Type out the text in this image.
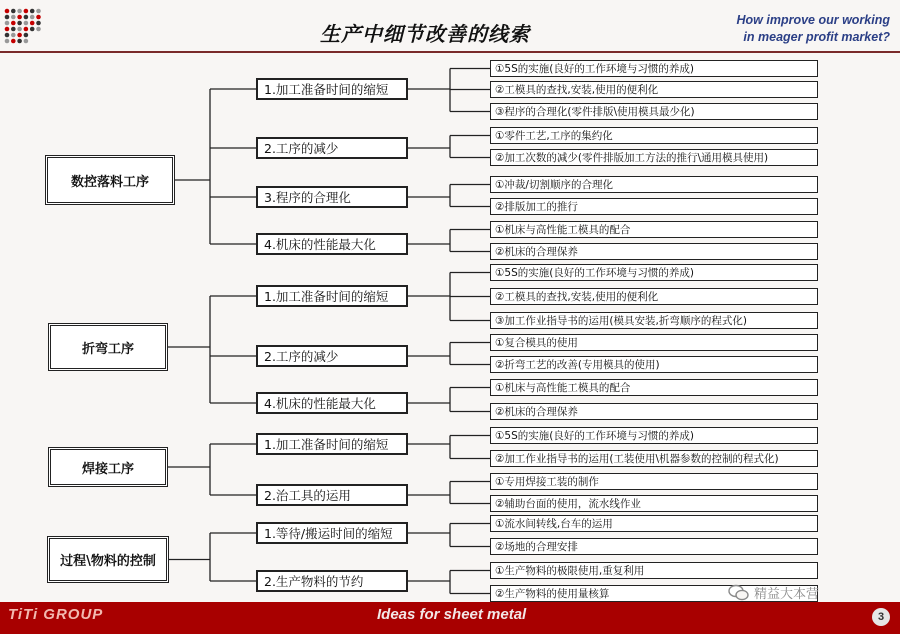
生产中细节改善的线索
How improve our working
in meager profit market?
数控落料工序
1.加工准备时间的缩短
①5S的实施(良好的工作环境与习惯的养成)
②工模具的查找,安装,使用的便利化
③程序的合理化(零件排版\使用模具最少化)
2.工序的减少
①零件工艺,工序的集约化
②加工次数的减少(零件排版加工方法的推行\通用模具使用)
3.程序的合理化
①冲裁/切割顺序的合理化
②排版加工的推行
4.机床的性能最大化
①机床与高性能工模具的配合
②机床的合理保养
折弯工序
1.加工准备时间的缩短
①5S的实施(良好的工作环境与习惯的养成)
②工模具的查找,安装,使用的便利化
③加工作业指导书的运用(模具安装,折弯顺序的程式化)
2.工序的减少
①复合模具的使用
②折弯工艺的改善(专用模具的使用)
4.机床的性能最大化
①机床与高性能工模具的配合
②机床的合理保养
焊接工序
1.加工准备时间的缩短
①5S的实施(良好的工作环境与习惯的养成)
②加工作业指导书的运用(工装使用\机器参数的控制的程式化)
2.治工具的运用
①专用焊接工装的制作
②辅助台面的使用，流水线作业
过程\物料的控制
1.等待/搬运时间的缩短
①流水间转线,台车的运用
②场地的合理安排
2.生产物料的节约
①生产物料的极限使用,重复利用
②生产物料的使用量核算
TiTi GROUP	Ideas for sheet metal	3
精益大本营
